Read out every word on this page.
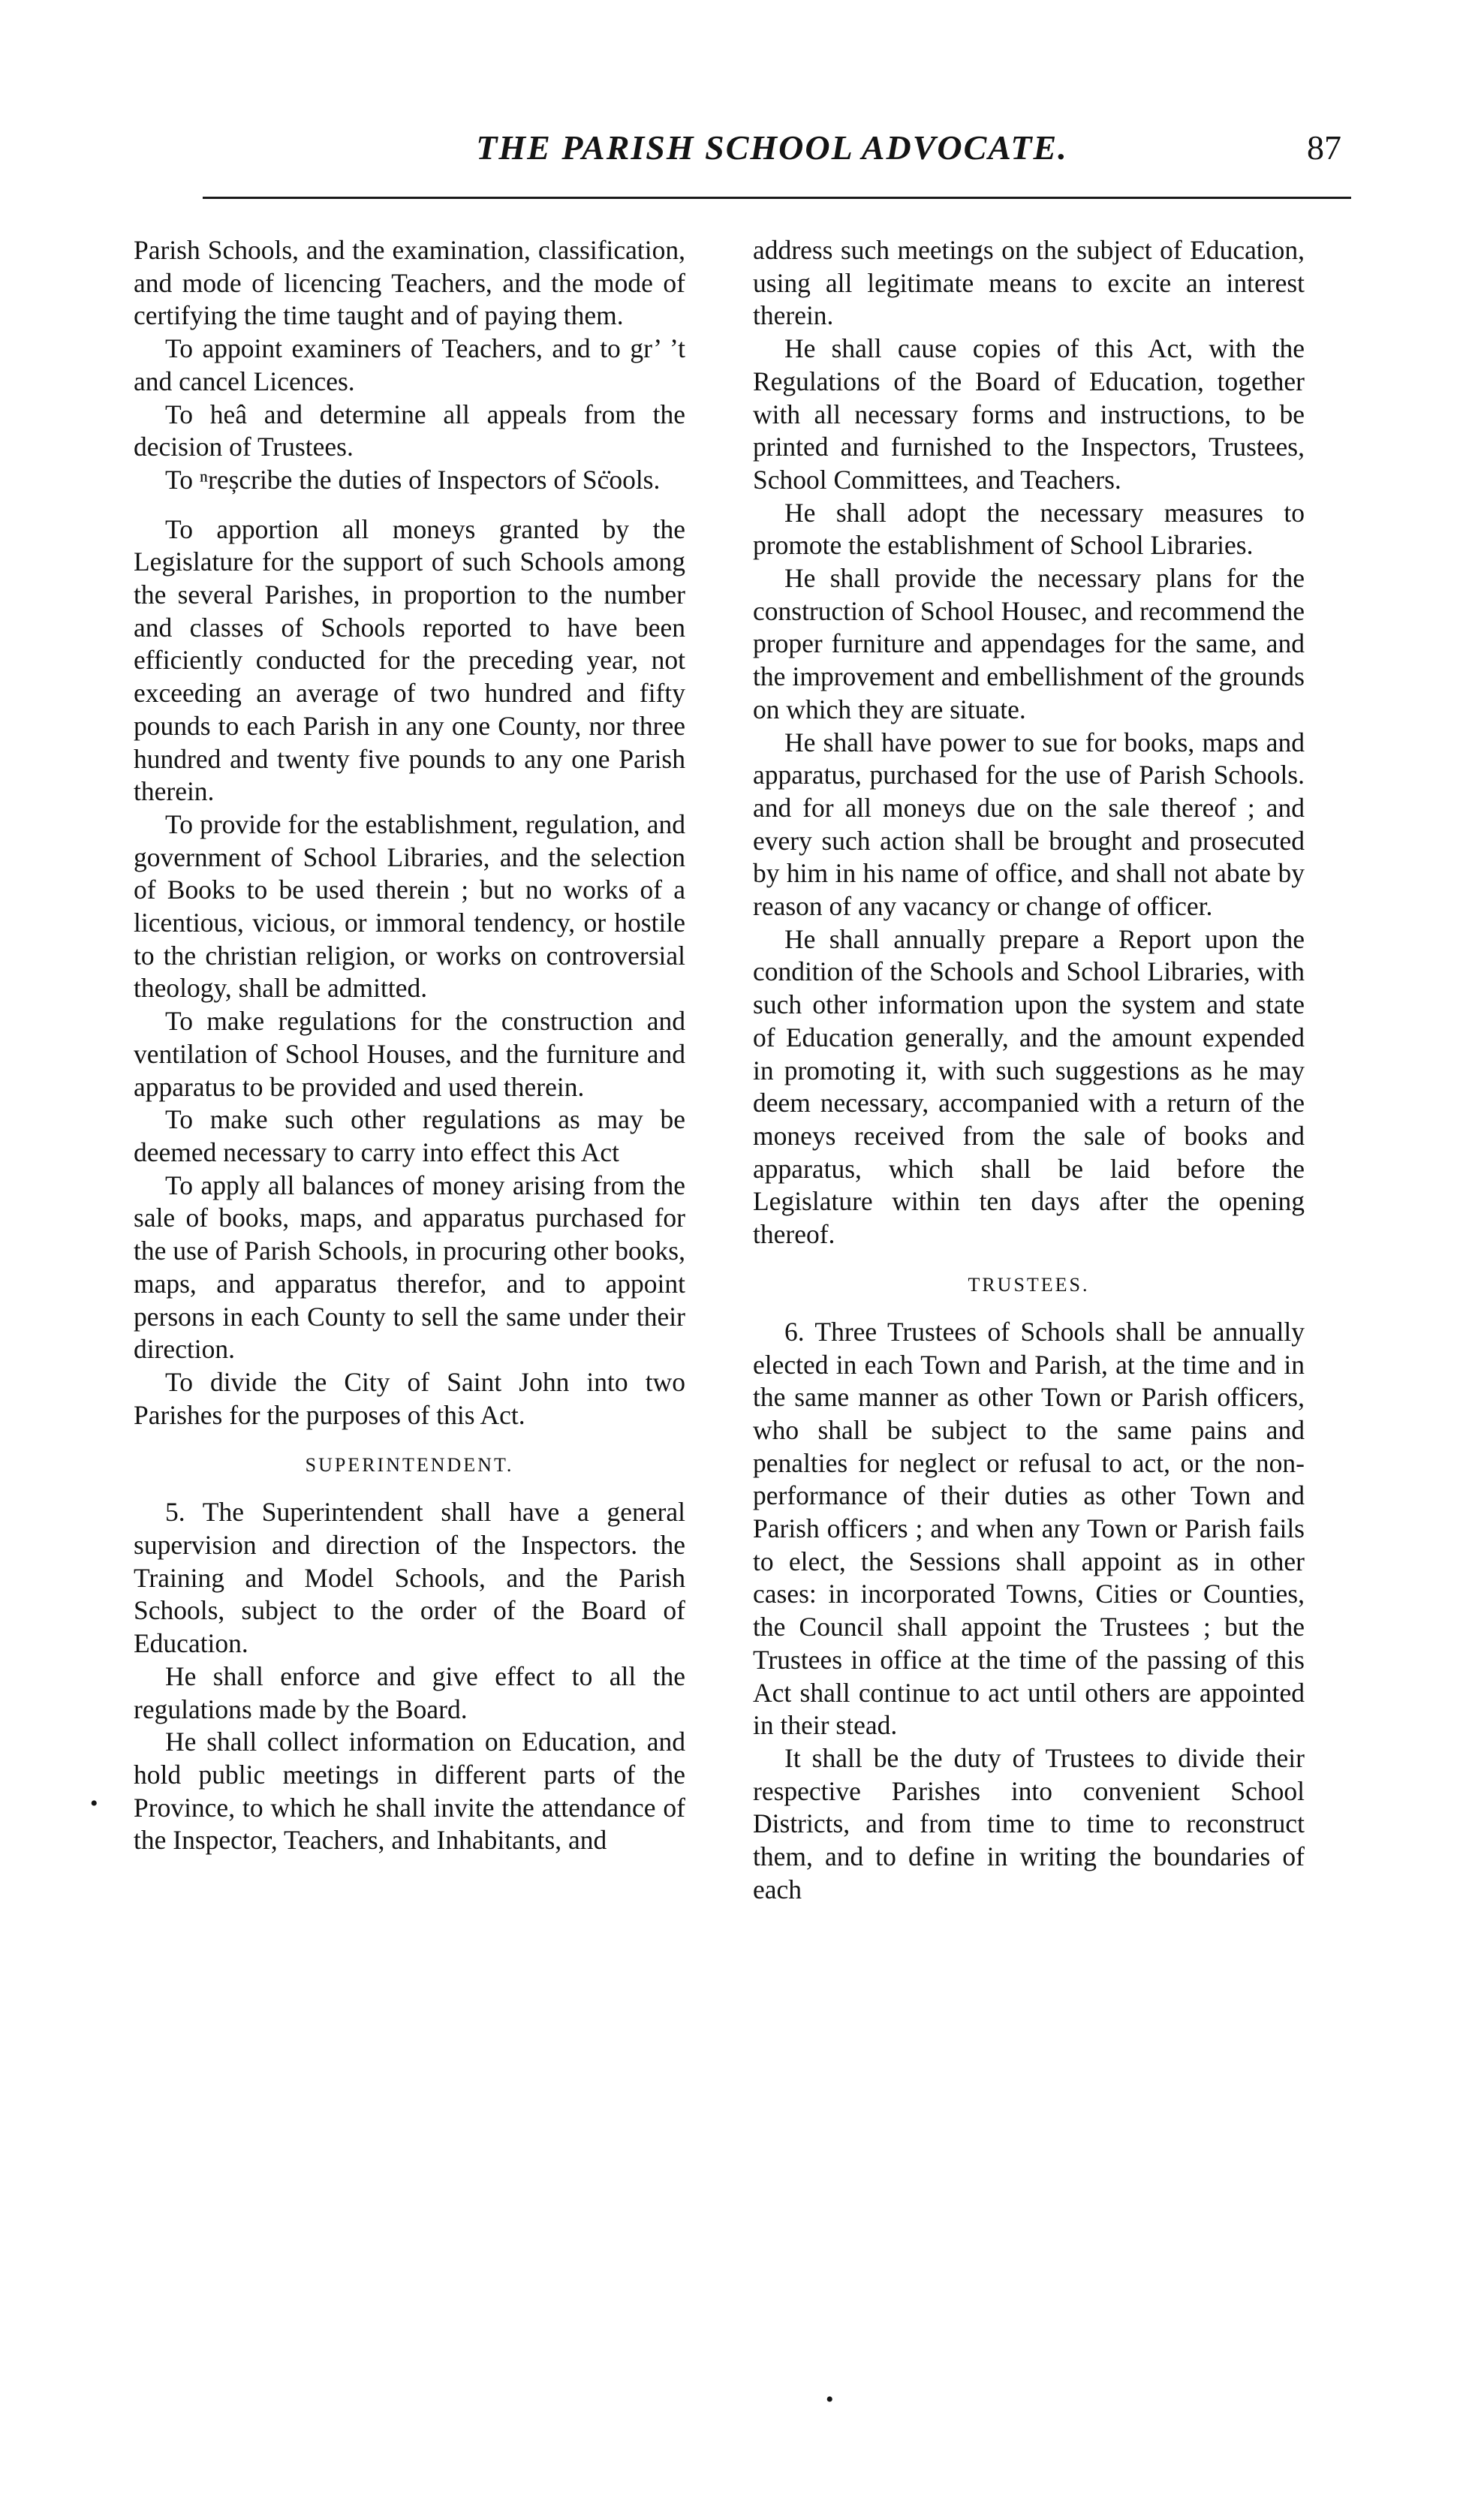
THE PARISH SCHOOL ADVOCATE.	87

Parish Schools, and the examination, classification, and mode of licencing Teachers, and the mode of certifying the time taught and of paying them.

To appoint examiners of Teachers, and to gr’ ’t and cancel Licences.

To heâ and determine all appeals from the decision of Trustees.

To ⁿreșcribe the duties of Inspectors of Sċ̇ools.

To apportion all moneys granted by the Legislature for the support of such Schools among the several Parishes, in proportion to the number and classes of Schools reported to have been efficiently conducted for the preceding year, not exceeding an average of two hundred and fifty pounds to each Parish in any one County, nor three hundred and twenty five pounds to any one Parish therein.

To provide for the establishment, regulation, and government of School Libraries, and the selection of Books to be used therein ; but no works of a licentious, vicious, or immoral tendency, or hostile to the christian religion, or works on controversial theology, shall be admitted.

To make regulations for the construction and ventilation of School Houses, and the furniture and apparatus to be provided and used therein.

To make such other regulations as may be deemed necessary to carry into effect this Act

To apply all balances of money arising from the sale of books, maps, and apparatus purchased for the use of Parish Schools, in procuring other books, maps, and apparatus therefor, and to appoint persons in each County to sell the same under their direction.

To divide the City of Saint John into two Parishes for the purposes of this Act.

SUPERINTENDENT.

5. The Superintendent shall have a general supervision and direction of the Inspectors. the Training and Model Schools, and the Parish Schools, subject to the order of the Board of Education.

He shall enforce and give effect to all the regulations made by the Board.

He shall collect information on Education, and hold public meetings in different parts of the Province, to which he shall invite the attendance of the Inspector, Teachers, and Inhabitants, and

address such meetings on the subject of Education, using all legitimate means to excite an interest therein.

He shall cause copies of this Act, with the Regulations of the Board of Education, together with all necessary forms and instructions, to be printed and furnished to the Inspectors, Trustees, School Committees, and Teachers.

He shall adopt the necessary measures to promote the establishment of School Libraries.

He shall provide the necessary plans for the construction of School Housec, and recommend the proper furniture and appendages for the same, and the improvement and embellishment of the grounds on which they are situate.

He shall have power to sue for books, maps and apparatus, purchased for the use of Parish Schools. and for all moneys due on the sale thereof ; and every such action shall be brought and prosecuted by him in his name of office, and shall not abate by reason of any vacancy or change of officer.

He shall annually prepare a Report upon the condition of the Schools and School Libraries, with such other information upon the system and state of Education generally, and the amount expended in promoting it, with such suggestions as he may deem necessary, accompanied with a return of the moneys received from the sale of books and apparatus, which shall be laid before the Legislature within ten days after the opening thereof.

TRUSTEES.

6. Three Trustees of Schools shall be annually elected in each Town and Parish, at the time and in the same manner as other Town or Parish officers, who shall be subject to the same pains and penalties for neglect or refusal to act, or the non-performance of their duties as other Town and Parish officers ; and when any Town or Parish fails to elect, the Sessions shall appoint as in other cases: in incorporated Towns, Cities or Counties, the Council shall appoint the Trustees ; but the Trustees in office at the time of the passing of this Act shall continue to act until others are appointed in their stead.

It shall be the duty of Trustees to divide their respective Parishes into convenient School Districts, and from time to time to reconstruct them, and to define in writing the boundaries of each

•
•
